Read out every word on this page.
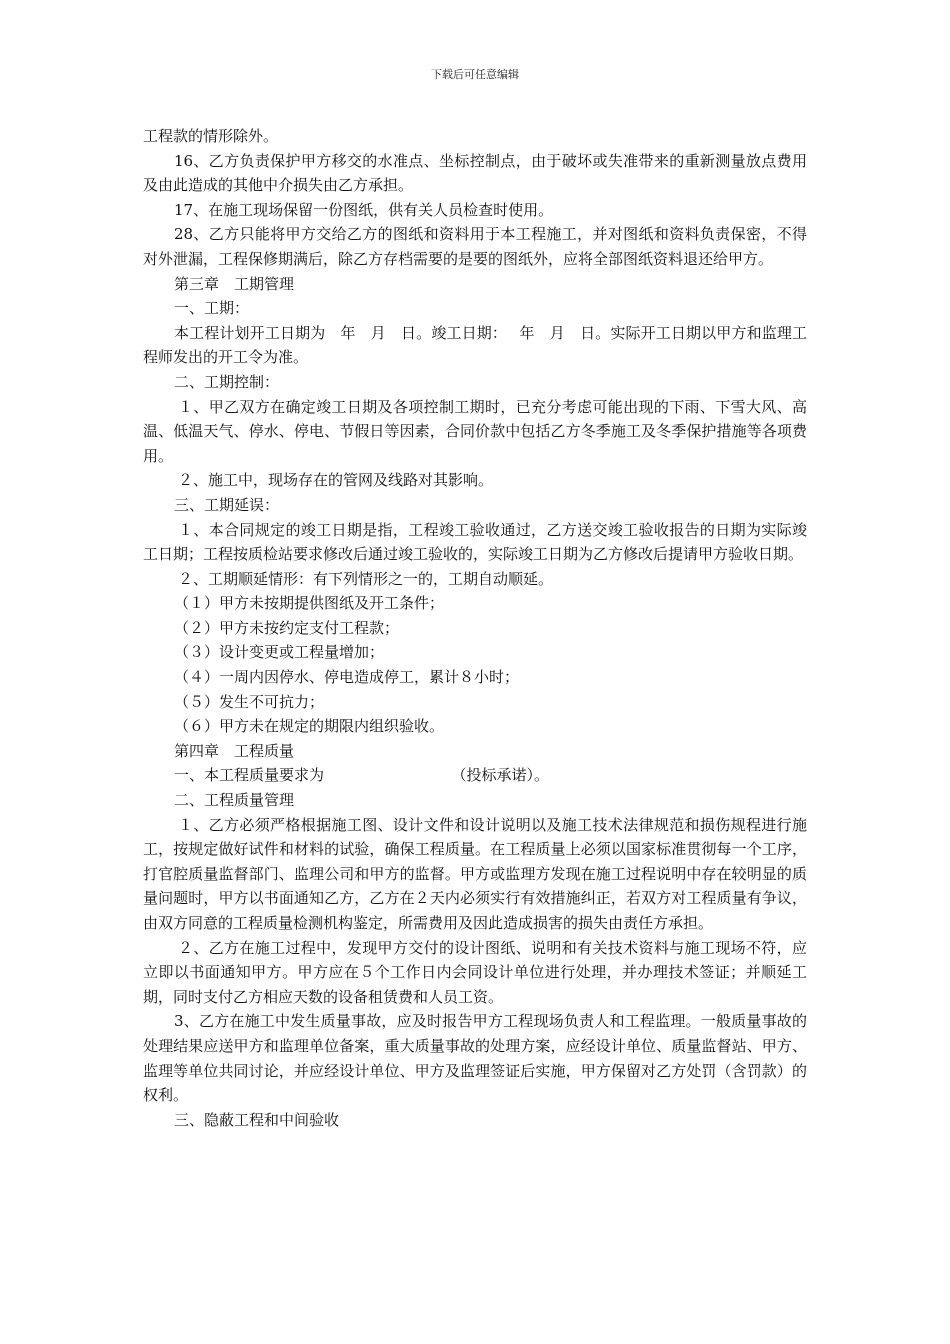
下载后可任意编辑

工程款的情形除外。

16、乙方负责保护甲方移交的水准点、坐标控制点，由于破坏或失准带来的重新测量放点费用及由此造成的其他中介损失由乙方承担。

17、在施工现场保留一份图纸，供有关人员检查时使用。

28、乙方只能将甲方交给乙方的图纸和资料用于本工程施工，并对图纸和资料负责保密，不得对外泄漏，工程保修期满后，除乙方存档需要的是要的图纸外，应将全部图纸资料退还给甲方。

第三章　工期管理

一、工期：

本工程计划开工日期为　年　月　日。竣工日期：　 年　月　日。实际开工日期以甲方和监理工程师发出的开工令为准。

二、工期控制：

１、甲乙双方在确定竣工日期及各项控制工期时，已充分考虑可能出现的下雨、下雪大风、高温、低温天气、停水、停电、节假日等因素，合同价款中包括乙方冬季施工及冬季保护措施等各项费用。

２、施工中，现场存在的管网及线路对其影响。

三、工期延误：

１、本合同规定的竣工日期是指，工程竣工验收通过，乙方送交竣工验收报告的日期为实际竣工日期；工程按质检站要求修改后通过竣工验收的，实际竣工日期为乙方修改后提请甲方验收日期。

２、工期顺延情形：有下列情形之一的，工期自动顺延。

（１）甲方未按期提供图纸及开工条件；

（２）甲方未按约定支付工程款；

（３）设计变更或工程量增加；

（４）一周内因停水、停电造成停工，累计８小时；

（５）发生不可抗力；

（６）甲方未在规定的期限内组织验收。

第四章　工程质量

一、本工程质量要求为　　　　　　　　　（投标承诺）。

二、工程质量管理

１、乙方必须严格根据施工图、设计文件和设计说明以及施工技术法律规范和损伤规程进行施工，按规定做好试件和材料的试验，确保工程质量。在工程质量上必须以国家标准贯彻每一个工序，打官腔质量监督部门、监理公司和甲方的监督。甲方或监理方发现在施工过程说明中存在较明显的质量问题时，甲方以书面通知乙方，乙方在２天内必须实行有效措施纠正，若双方对工程质量有争议，由双方同意的工程质量检测机构鉴定，所需费用及因此造成损害的损失由责任方承担。

２、乙方在施工过程中，发现甲方交付的设计图纸、说明和有关技术资料与施工现场不符，应立即以书面通知甲方。甲方应在５个工作日内会同设计单位进行处理，并办理技术签证；并顺延工期，同时支付乙方相应天数的设备租赁费和人员工资。

3、乙方在施工中发生质量事故，应及时报告甲方工程现场负责人和工程监理。一般质量事故的处理结果应送甲方和监理单位备案，重大质量事故的处理方案，应经设计单位、质量监督站、甲方、监理等单位共同讨论，并应经设计单位、甲方及监理签证后实施，甲方保留对乙方处罚（含罚款）的权利。

三、隐蔽工程和中间验收
